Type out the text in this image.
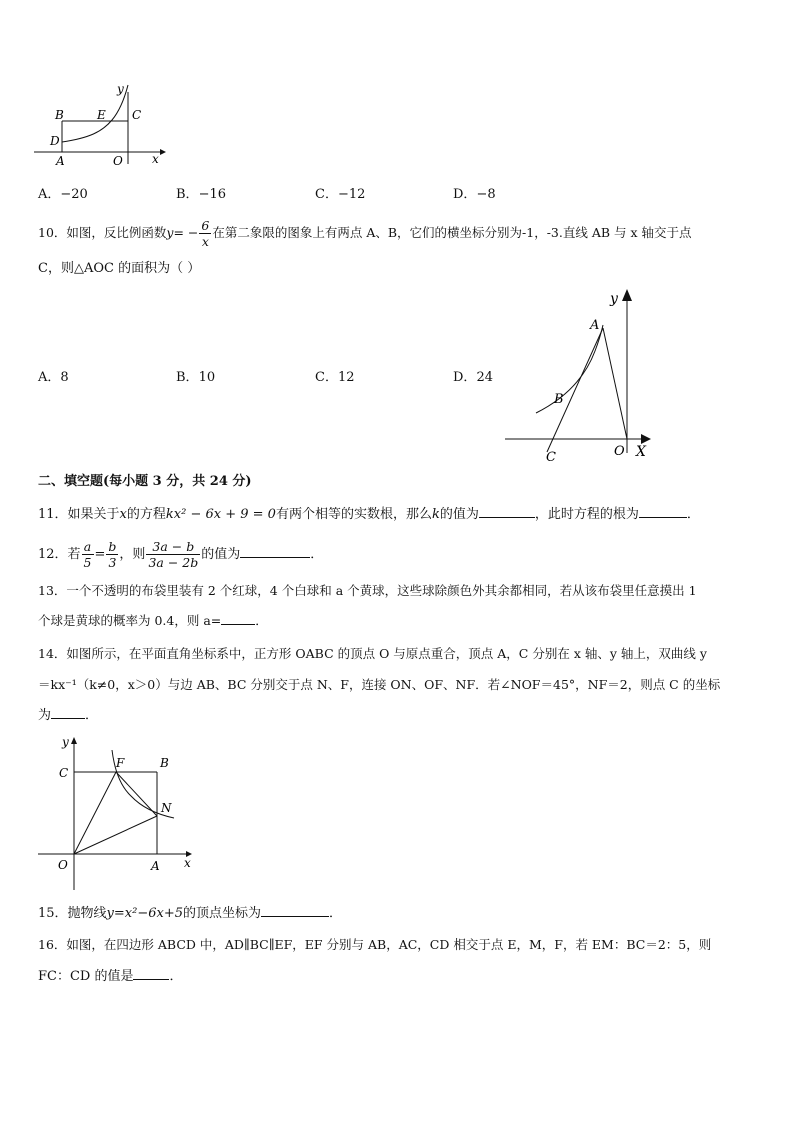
y
B	E C
D
A	O x
A．−20	B．−16	C．−12	D．−8
10．如图，反比例函数$y= - \frac{6}{x}$ 在第二象限的图象上有两点 A、B，它们的横坐标分别为-1，-3.直线 AB 与 x 轴交于点
C，则△AOC 的面积为（ ）
A．8	B．10	C．12	D．24
y
A
B
C	O X
二、填空题(每小题 3 分，共 24 分)
11．如果关于x的方程kx² − 6x + 9 = 0有两个相等的实数根，那么k的值为	，此时方程的根为	．
12．若 $\frac{a}{5} = \frac{b}{3}$ ，则 $\frac{3a - b}{3a - 2b}$ 的值为	．
13．一个不透明的布袋里装有 2 个红球，4 个白球和 a 个黄球，这些球除颜色外其余都相同，若从该布袋里任意摸出 1
个球是黄球的概率为 0.4，则 a=	．
14．如图所示，在平面直角坐标系中，正方形 OABC 的顶点 O 与原点重合，顶点 A，C 分别在 x 轴、y 轴上，双曲线 y
＝kx⁻¹（k≠0，x＞0）与边 AB、BC 分别交于点 N、F，连接 ON、OF、NF．若∠NOF＝45°，NF＝2，则点 C 的坐标
为	．
y
C
F	B
N
O	A x
15．抛物线y=x²−6x+5的顶点坐标为	．
16．如图，在四边形 ABCD 中，AD∥BC∥EF，EF 分别与 AB，AC，CD 相交于点 E，M，F，若 EM：BC＝2：5，则
FC：CD 的值是	．
